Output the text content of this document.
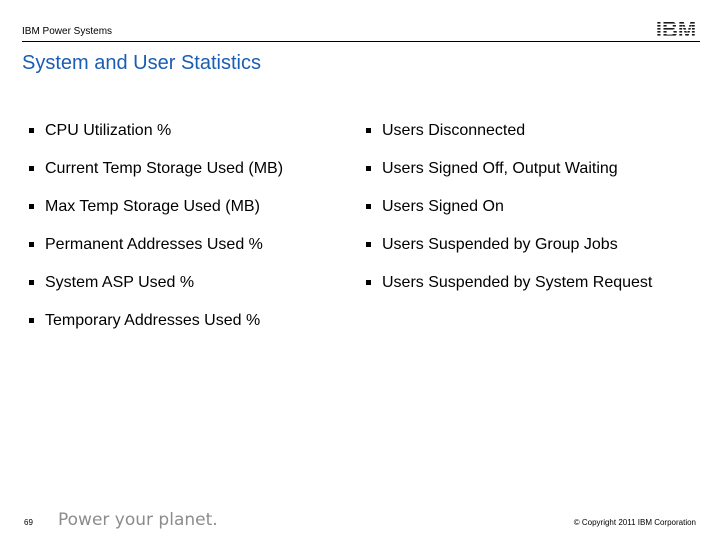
IBM Power Systems
System and User Statistics
CPU Utilization %
Current Temp Storage Used (MB)
Max Temp Storage Used (MB)
Permanent Addresses Used %
System ASP Used %
Temporary Addresses Used %
Users Disconnected
Users Signed Off, Output Waiting
Users Signed On
Users Suspended by Group Jobs
Users Suspended by System Request
69 Power your planet.	© Copyright 2011 IBM Corporation
